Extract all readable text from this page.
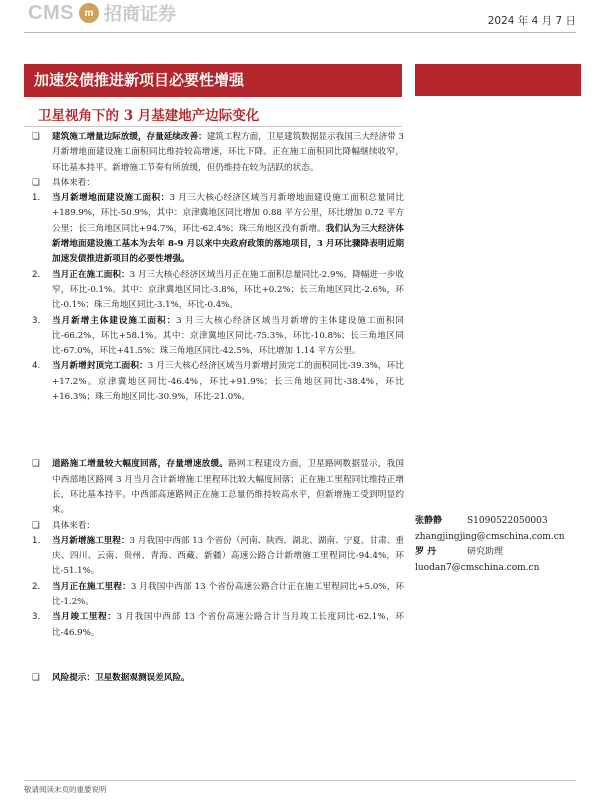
CMS	m 招商证券	2024 年 4 月 7 日
加速发债推进新项目必要性增强
卫星视角下的 3 月基建地产边际变化
❑	建筑施工增量边际放缓，存量延续改善：建筑工程方面，卫星建筑数据显示我国三大经济带 3 月新增地面建设施工面积同比维持较高增速，环比下降。正在施工面积同比降幅继续收窄，环比基本持平。新增施工节奏有所放缓，但仍维持在较为活跃的状态。
❑	具体来看：
1.	当月新增地面建设施工面积：3 月三大核心经济区域当月新增地面建设施工面积总量同比+189.9%，环比-50.9%，其中：京津冀地区同比增加 0.88 平方公里，环比增加 0.72 平方公里；长三角地区同比+94.7%，环比-62.4%；珠三角地区没有新增。我们认为三大经济体新增地面建设施工基本为去年 8-9 月以来中央政府政策的落地项目，3 月环比骤降表明近期加速发债推进新项目的必要性增强。
2.	当月正在施工面积：3 月三大核心经济区域当月正在施工面积总量同比-2.9%，降幅进一步收窄，环比-0.1%。其中：京津冀地区同比-3.8%，环比+0.2%；长三角地区同比-2.6%，环比-0.1%；珠三角地区同比-3.1%，环比-0.4%。
3.	当月新增主体建设施工面积：3 月三大核心经济区域当月新增的主体建设施工面积同比-66.2%，环比+58.1%。其中：京津冀地区同比-75.3%，环比-10.8%；长三角地区同比-67.0%，环比+41.5%；珠三角地区同比-42.5%，环比增加 1.14 平方公里。
4.	当月新增封顶完工面积：3 月三大核心经济区域当月新增封顶完工的面积同比-39.3%，环比+17.2%。京津冀地区同比-46.4%，环比+91.9%；长三角地区同比-38.4%，环比+16.3%；珠三角地区同比-30.9%，环比-21.0%。
❑	道路施工增量较大幅度回落，存量增速放缓。路网工程建设方面，卫星路网数据显示，我国中西部地区路网 3 月当月合计新增施工里程环比较大幅度回落；正在施工里程同比维持正增长，环比基本持平。中西部高速路网正在施工总量仍维持较高水平，但新增施工受到明显约束。
❑	具体来看：
1.	当月新增施工里程：3 月我国中西部 13 个省份（河南、陕西、湖北、湖南、宁夏、甘肃、重庆、四川、云南、贵州、青海、西藏、新疆）高速公路合计新增施工里程同比-94.4%，环比-51.1%。
2.	当月正在施工里程：3 月我国中西部 13 个省份高速公路合计正在施工里程同比+5.0%，环比-1.2%。
3.	当月竣工里程：3 月我国中西部 13 个省份高速公路合计当月竣工长度同比-62.1%，环比-46.9%。
❑	风险提示：卫星数据观测误差风险。
张静静	S1090522050003
zhangjingjing@cmschina.com.cn
罗 丹	研究助理
luodan7@cmschina.com.cn
敬请阅读末页的重要说明
